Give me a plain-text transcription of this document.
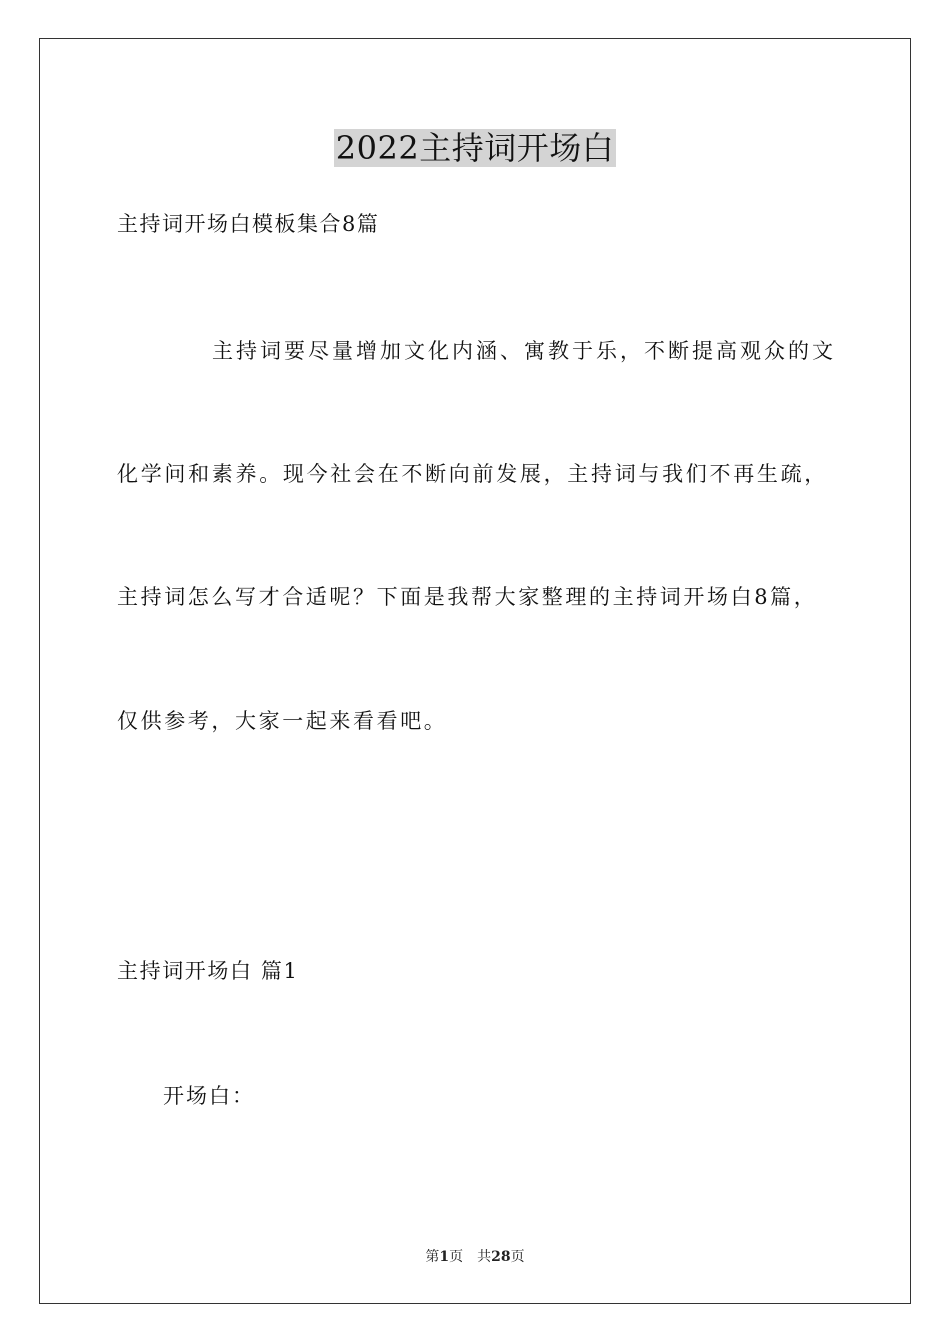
2022主持词开场白
主持词开场白模板集合8篇
主持词要尽量增加文化内涵、寓教于乐，不断提高观众的文
化学问和素养。现今社会在不断向前发展，主持词与我们不再生疏，
主持词怎么写才合适呢？下面是我帮大家整理的主持词开场白8篇，
仅供参考，大家一起来看看吧。
主持词开场白 篇1
开场白：
第1页 共28页
